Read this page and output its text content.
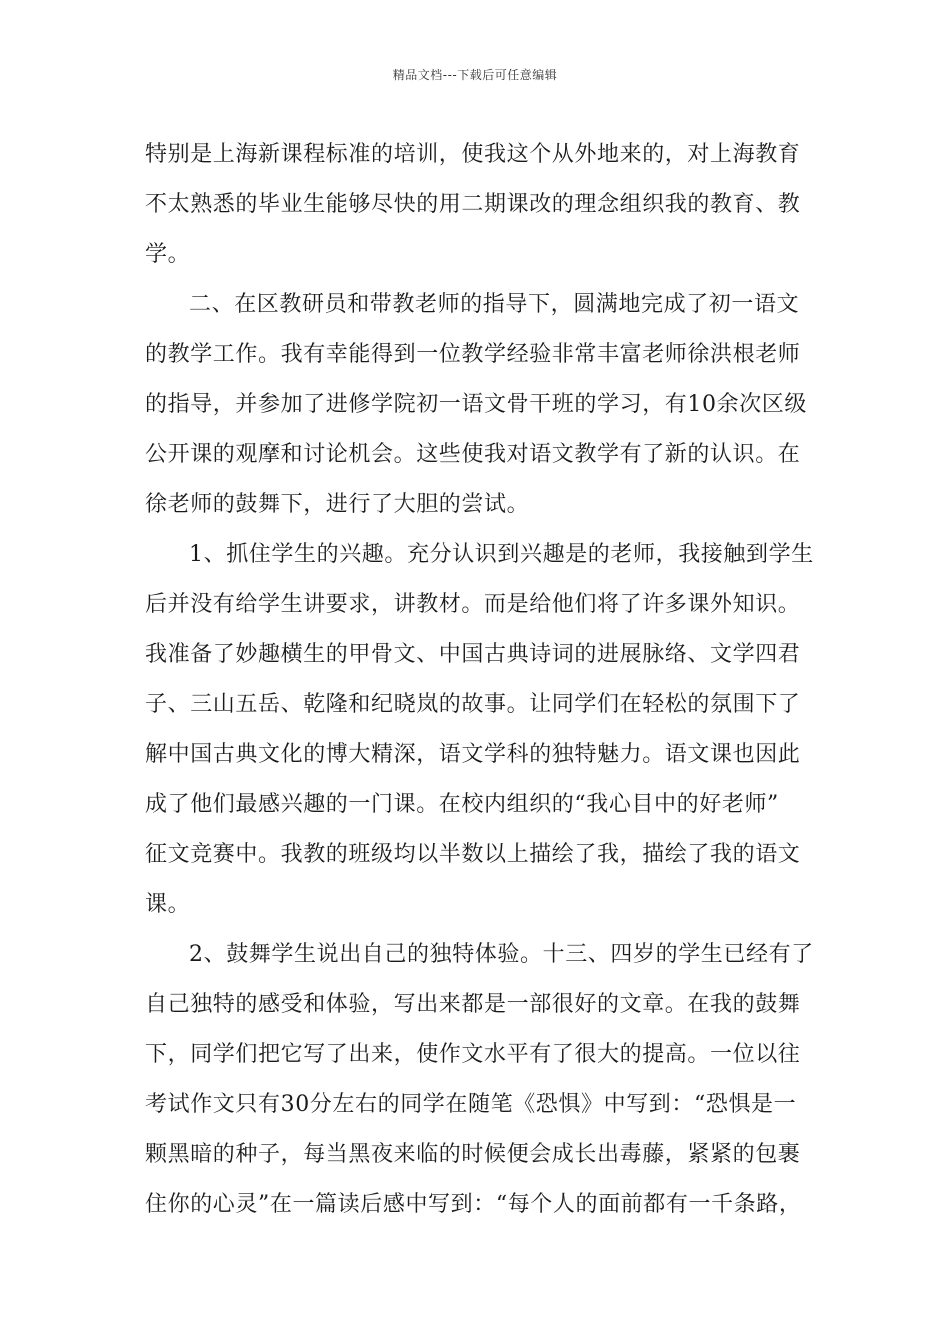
精品文档---下载后可任意编辑
特别是上海新课程标准的培训，使我这个从外地来的，对上海教育
不太熟悉的毕业生能够尽快的用二期课改的理念组织我的教育、教
学。
二、在区教研员和带教老师的指导下，圆满地完成了初一语文
的教学工作。我有幸能得到一位教学经验非常丰富老师徐洪根老师
的指导，并参加了进修学院初一语文骨干班的学习，有10余次区级
公开课的观摩和讨论机会。这些使我对语文教学有了新的认识。在
徐老师的鼓舞下，进行了大胆的尝试。
1、抓住学生的兴趣。充分认识到兴趣是的老师，我接触到学生
后并没有给学生讲要求，讲教材。而是给他们将了许多课外知识。
我准备了妙趣横生的甲骨文、中国古典诗词的进展脉络、文学四君
子、三山五岳、乾隆和纪晓岚的故事。让同学们在轻松的氛围下了
解中国古典文化的博大精深，语文学科的独特魅力。语文课也因此
成了他们最感兴趣的一门课。在校内组织的“我心目中的好老师”
征文竞赛中。我教的班级均以半数以上描绘了我，描绘了我的语文
课。
2、鼓舞学生说出自己的独特体验。十三、四岁的学生已经有了
自己独特的感受和体验，写出来都是一部很好的文章。在我的鼓舞
下，同学们把它写了出来，使作文水平有了很大的提高。一位以往
考试作文只有30分左右的同学在随笔《恐惧》中写到：“恐惧是一
颗黑暗的种子，每当黑夜来临的时候便会成长出毒藤，紧紧的包裹
住你的心灵”在一篇读后感中写到：“每个人的面前都有一千条路，
